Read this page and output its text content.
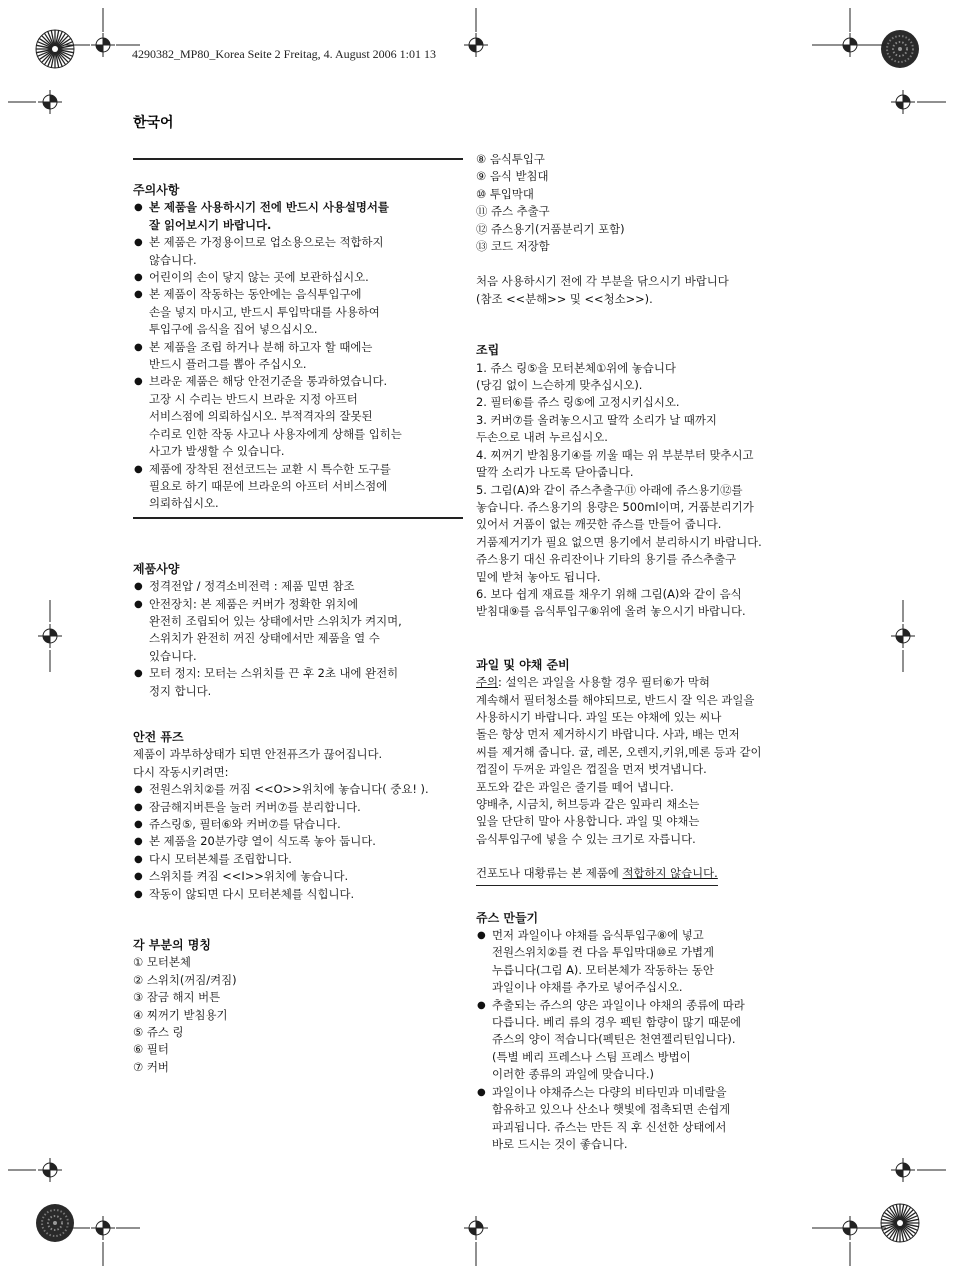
4290382_MP80_Korea Seite 2 Freitag, 4. August 2006 1:01 13
한국어
주의사항
● 본 제품을 사용하시기 전에 반드시 사용설명서를
잘 읽어보시기 바랍니다.
● 본 제품은 가정용이므로 업소용으로는 적합하지
않습니다.
● 어린이의 손이 닿지 않는 곳에 보관하십시오.
● 본 제품이 작동하는 동안에는 음식투입구에
손을 넣지 마시고, 반드시 투입막대를 사용하여
투입구에 음식을 집어 넣으십시오.
● 본 제품을 조립 하거나 분해 하고자 할 때에는
반드시 플러그를 뽑아 주십시오.
● 브라운 제품은 해당 안전기준을 통과하였습니다.
고장 시 수리는 반드시 브라운 지정 아프터
서비스점에 의뢰하십시오. 부적격자의 잘못된
수리로 인한 작동 사고나 사용자에게 상해를 입히는
사고가 발생할 수 있습니다.
● 제품에 장착된 전선코드는 교환 시 특수한 도구를
필요로 하기 때문에 브라운의 아프터 서비스점에
의뢰하십시오.
제품사양
● 정격전압 / 정격소비전력 : 제품 밑면 참조
● 안전장치: 본 제품은 커버가 정확한 위치에
완전히 조립되어 있는 상태에서만 스위치가 켜지며,
스위치가 완전히 꺼진 상태에서만 제품을 열 수
있습니다.
● 모터 정지: 모터는 스위치를 끈 후 2초 내에 완전히
정지 합니다.
안전 퓨즈
제품이 과부하상태가 되면 안전퓨즈가 끊어집니다.
다시 작동시키려면:
● 전원스위치②를 꺼짐 <<O>>위치에 놓습니다( 중요! ).
● 잠금해지버튼을 눌러 커버⑦를 분리합니다.
● 쥬스링⑤, 필터⑥와 커버⑦를 닦습니다.
● 본 제품을 20분가량 열이 식도록 놓아 둡니다.
● 다시 모터본체를 조립합니다.
● 스위치를 켜짐 <<I>>위치에 놓습니다.
● 작동이 않되면 다시 모터본체를 식힙니다.
각 부분의 명칭
① 모터본체
② 스위치(꺼짐/켜짐)
③ 잠금 해지 버튼
④ 찌꺼기 받침용기
⑤ 쥬스 링
⑥ 필터
⑦ 커버
⑧ 음식투입구
⑨ 음식 받침대
⑩ 투입막대
⑪ 쥬스 추출구
⑫ 쥬스용기(거품분리기 포함)
⑬ 코드 저장함
처음 사용하시기 전에 각 부분을 닦으시기 바랍니다
(참조 <<분해>> 및 <<청소>>).
조립
1. 쥬스 링⑤을 모터본체①위에 놓습니다
(당김 없이 느슨하게 맞추십시오).
2. 필터⑥를 쥬스 링⑤에 고정시키십시오.
3. 커버⑦를 올려놓으시고 딸깍 소리가 날 때까지
두손으로 내려 누르십시오.
4. 찌꺼기 받침용기④를 끼울 때는 위 부분부터 맞추시고
딸깍 소리가 나도록 닫아줍니다.
5. 그림(A)와 같이 쥬스추출구⑪ 아래에 쥬스용기⑫를
놓습니다. 쥬스용기의 용량은 500ml이며, 거품분리기가
있어서 거품이 없는 깨끗한 쥬스를 만들어 줍니다.
거품제거기가 필요 없으면 용기에서 분리하시기 바랍니다.
쥬스용기 대신 유리잔이나 기타의 용기를 쥬스추출구
밑에 받쳐 놓아도 됩니다.
6. 보다 쉽게 재료를 채우기 위해 그림(A)와 같이 음식
받침대⑨를 음식투입구⑧위에 올려 놓으시기 바랍니다.
과일 및 야채 준비
주의: 설익은 과일을 사용할 경우 필터⑥가 막혀
계속해서 필터청소를 해야되므로, 반드시 잘 익은 과일을
사용하시기 바랍니다. 과일 또는 야채에 있는 씨나
돌은 항상 먼저 제거하시기 바랍니다. 사과, 배는 먼저
씨를 제거해 줍니다. 귤, 레몬, 오렌지,키위,메론 등과 같이
껍질이 두꺼운 과일은 껍질을 먼저 벗겨냅니다.
포도와 같은 과일은 줄기를 떼어 냅니다.
양배추, 시금치, 허브등과 같은 잎파리 채소는
잎을 단단히 말아 사용합니다. 과일 및 야채는
음식투입구에 넣을 수 있는 크기로 자릅니다.
건포도나 대황류는 본 제품에 적합하지 않습니다.
쥬스 만들기
● 먼저 과일이나 야채를 음식투입구⑧에 넣고
전원스위치②를 켠 다음 투입막대⑩로 가볍게
누릅니다(그림 A). 모터본체가 작동하는 동안
과일이나 야채를 추가로 넣어주십시오.
● 추출되는 쥬스의 양은 과일이나 야채의 종류에 따라
다릅니다. 베리 류의 경우 펙틴 함량이 많기 때문에
쥬스의 양이 적습니다(펙틴은 천연젤리틴입니다).
(특별 베리 프레스나 스팀 프레스 방법이
이러한 종류의 과일에 맞습니다.)
● 과일이나 야채쥬스는 다량의 비타민과 미네랄을
함유하고 있으나 산소나 햇빛에 접촉되면 손쉽게
파괴됩니다. 쥬스는 만든 직 후 신선한 상태에서
바로 드시는 것이 좋습니다.
